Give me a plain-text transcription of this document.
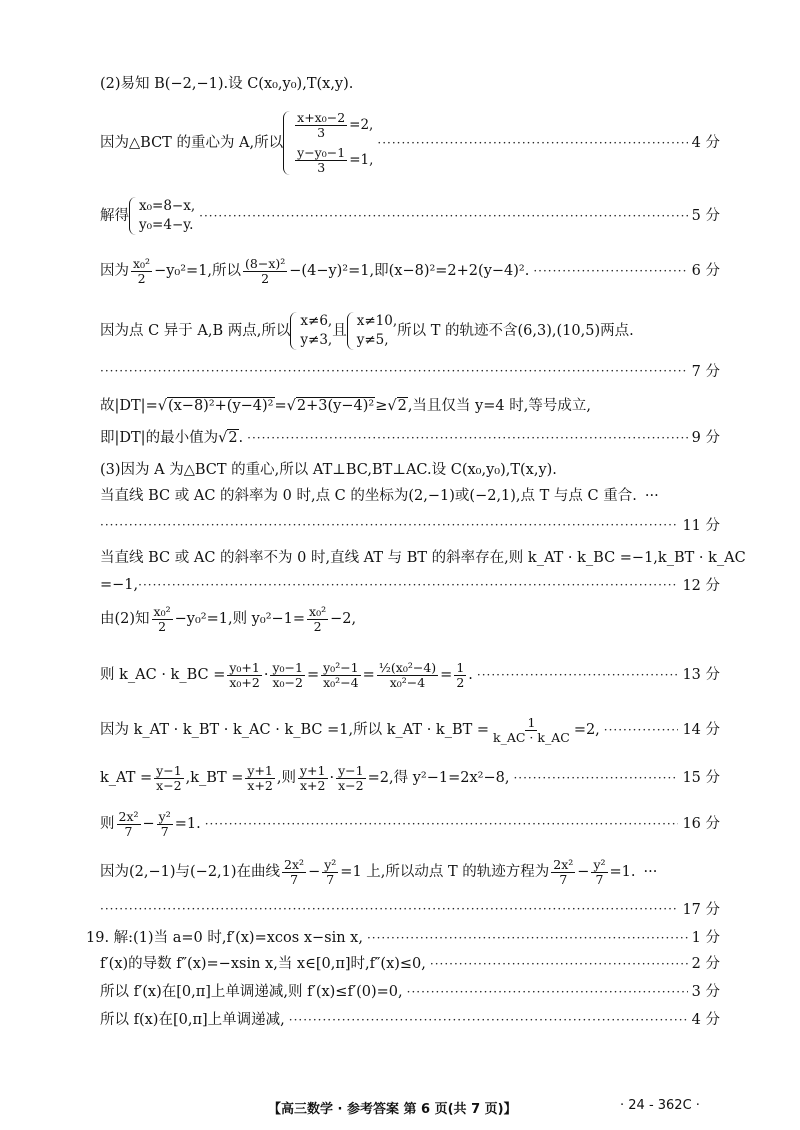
(2)易知 B(−2,−1).设 C(x₀,y₀),T(x,y).
因为△BCT 的重心为 A,所以
$\frac{\text{x+x₀−2}}{3} =2$,
$\frac{\text{y−y₀−1}}{3} =1$,
·····
4 分
解得
x₀=8−x,
y₀=4−y.
·····
5 分
因为 $\frac{\text{x₀²}}{2} -y_0^2=1$,所以 $\frac{\text{(8−x)²}}{2} -(4-y)^2=1$,即(x−8)²=2+2(y−4)². ·····	6 分
因为点 C 异于 A,B 两点,所以
x≠6,
y≠3,
且
x≠10,
y≠5,
所以 T 的轨迹不含(6,3),(10,5)两点.
·····
7 分
故|DT|=√(x−8)²+(y−4)²=√2+3(y−4)²≥√2,当且仅当 y=4 时,等号成立,
即|DT|的最小值为√2. ·····	9 分
(3)因为 A 为△BCT 的重心,所以 AT⊥BC,BT⊥AC.设 C(x₀,y₀),T(x,y).
当直线 BC 或 AC 的斜率为 0 时,点 C 的坐标为(2,−1)或(−2,1),点 T 与点 C 重合. ···
·····
11 分
当直线 BC 或 AC 的斜率不为 0 时,直线 AT 与 BT 的斜率存在,则 k_AT · k_BC =−1,k_BT · k_AC
=−1, ·····	12 分
由(2)知 $\frac{\text{x₀²}}{2} -y_0^2=1$,则 $y_0^2-1= \frac{\text{x₀²}}{2} -2$,
则 k_AC · k_BC = $\frac{\text{y₀+1}}{\text{x₀+2}} \cdot \frac{\text{y₀−1}}{\text{x₀−2}} = \frac{\text{y₀²−1}}{\text{x₀²−4}} = \frac{\text{½(x₀²−4)}}{\text{x₀²−4}} = \frac{1}{2}$ . ·····	13 分
因为 k_AT · k_BT · k_AC · k_BC =1,所以 k_AT · k_BT = $\frac{1}{k\_AC \cdot k\_AC} =2$, ·····	14 分
k_AT = $\frac{y-1}{x-2}$ ,k_BT = $\frac{y+1}{x+2}$ ,则 $\frac{y+1}{x+2} \cdot \frac{y-1}{x-2} =2$,得 y²−1=2x²−8, ·····	15 分
则 $\frac{\text{2x²}}{7} - \frac{\text{y²}}{7} =1$. ·····	16 分
因为(2,−1)与(−2,1)在曲线 $\frac{\text{2x²}}{7} - \frac{\text{y²}}{7} =1$ 上,所以动点 T 的轨迹方程为 $\frac{\text{2x²}}{7} - \frac{\text{y²}}{7} =1$. ···
·····
17 分
19. 解:(1)当 a=0 时,f′(x)=xcos x−sin x, ·····	1 分
f′(x)的导数 f″(x)=−xsin x,当 x∈[0,π]时,f″(x)≤0, ·····	2 分
所以 f′(x)在[0,π]上单调递减,则 f′(x)≤f′(0)=0, ·····	3 分
所以 f(x)在[0,π]上单调递减, ·····	4 分
【高三数学 · 参考答案 第 6 页(共 7 页)】	· 24 - 362C ·
